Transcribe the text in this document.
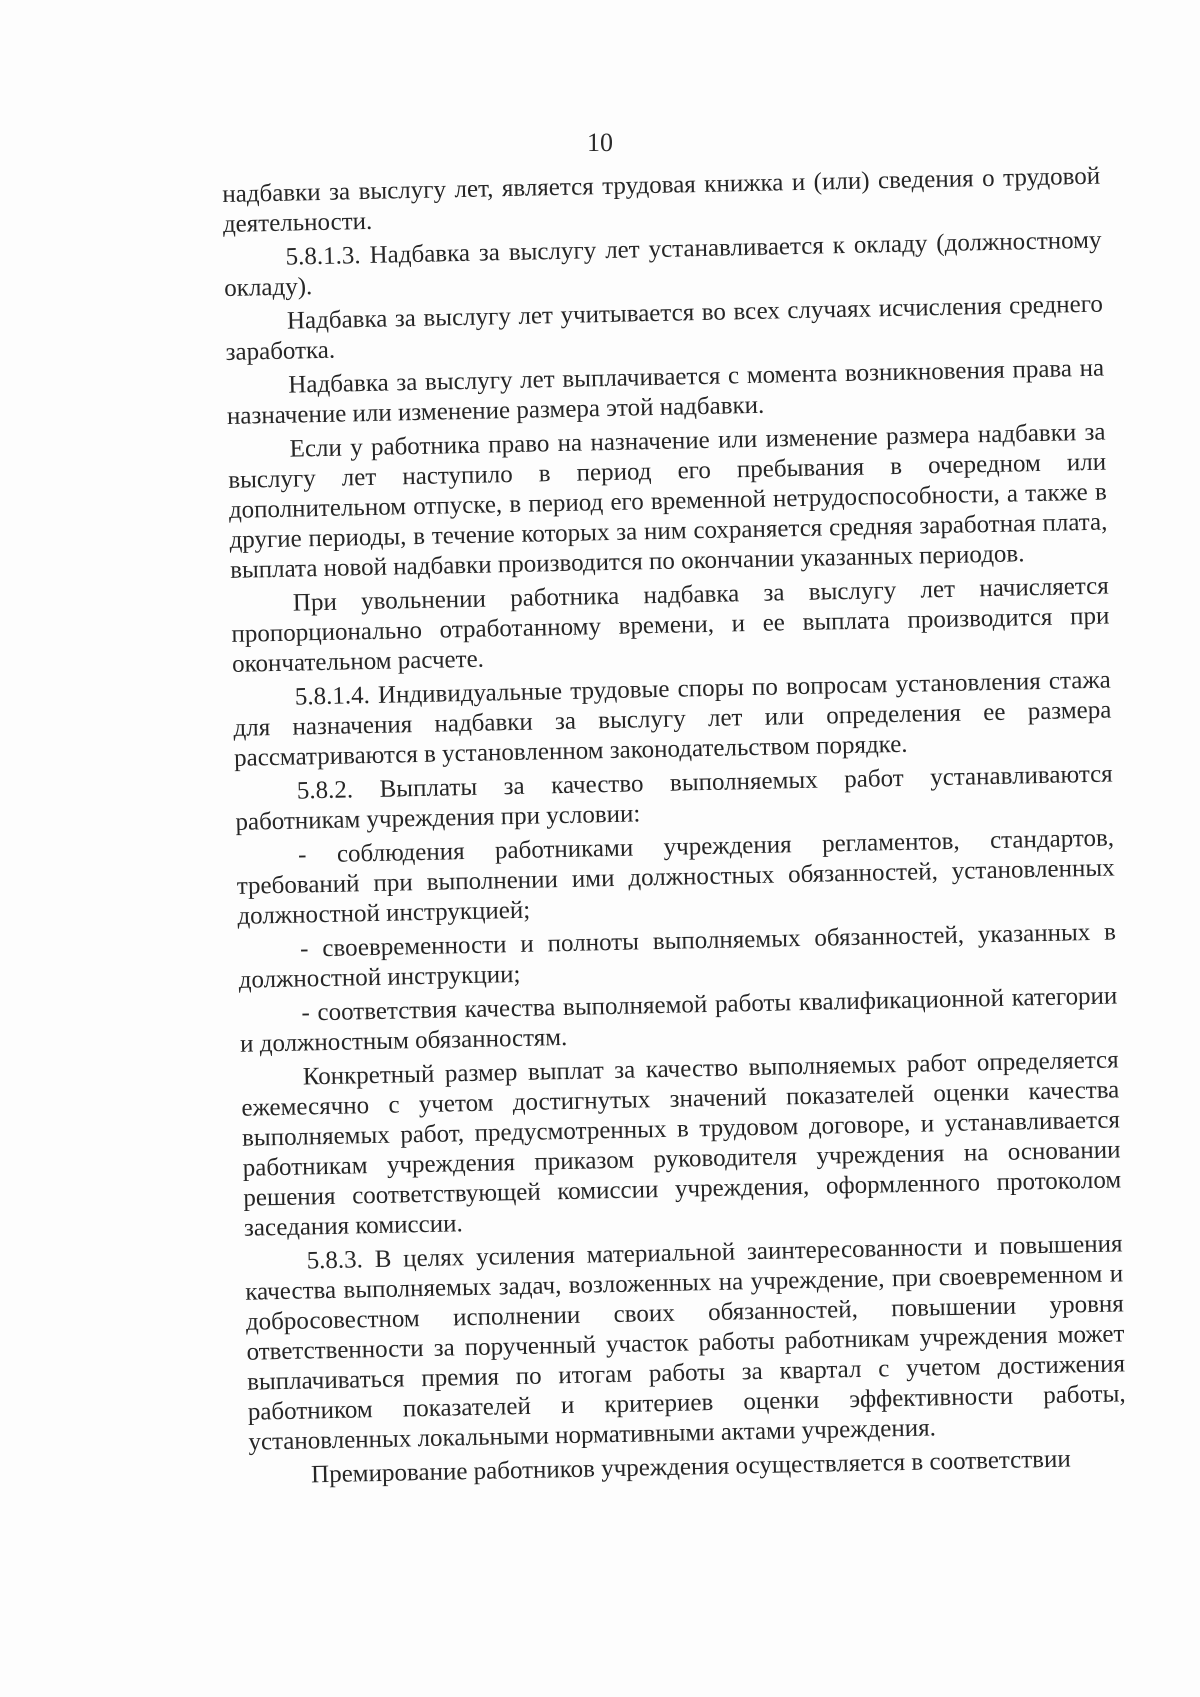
10

надбавки за выслугу лет, является трудовая книжка и (или) сведения о трудовой деятельности.

5.8.1.3. Надбавка за выслугу лет устанавливается к окладу (должностному окладу).

Надбавка за выслугу лет учитывается во всех случаях исчисления среднего заработка.

Надбавка за выслугу лет выплачивается с момента возникновения права на назначение или изменение размера этой надбавки.

Если у работника право на назначение или изменение размера надбавки за выслугу лет наступило в период его пребывания в очередном или дополнительном отпуске, в период его временной нетрудоспособности, а также в другие периоды, в течение которых за ним сохраняется средняя заработная плата, выплата новой надбавки производится по окончании указанных периодов.

При увольнении работника надбавка за выслугу лет начисляется пропорционально отработанному времени, и ее выплата производится при окончательном расчете.

5.8.1.4. Индивидуальные трудовые споры по вопросам установления стажа для назначения надбавки за выслугу лет или определения ее размера рассматриваются в установленном законодательством порядке.

5.8.2. Выплаты за качество выполняемых работ устанавливаются работникам учреждения при условии:

- соблюдения работниками учреждения регламентов, стандартов, требований при выполнении ими должностных обязанностей, установленных должностной инструкцией;

- своевременности и полноты выполняемых обязанностей, указанных в должностной инструкции;

- соответствия качества выполняемой работы квалификационной категории и должностным обязанностям.

Конкретный размер выплат за качество выполняемых работ определяется ежемесячно с учетом достигнутых значений показателей оценки качества выполняемых работ, предусмотренных в трудовом договоре, и устанавливается работникам учреждения приказом руководителя учреждения на основании решения соответствующей комиссии учреждения, оформленного протоколом заседания комиссии.

5.8.3. В целях усиления материальной заинтересованности и повышения качества выполняемых задач, возложенных на учреждение, при своевременном и добросовестном исполнении своих обязанностей, повышении уровня ответственности за порученный участок работы работникам учреждения может выплачиваться премия по итогам работы за квартал с учетом достижения работником показателей и критериев оценки эффективности работы, установленных локальными нормативными актами учреждения.

Премирование работников учреждения осуществляется в соответствии
